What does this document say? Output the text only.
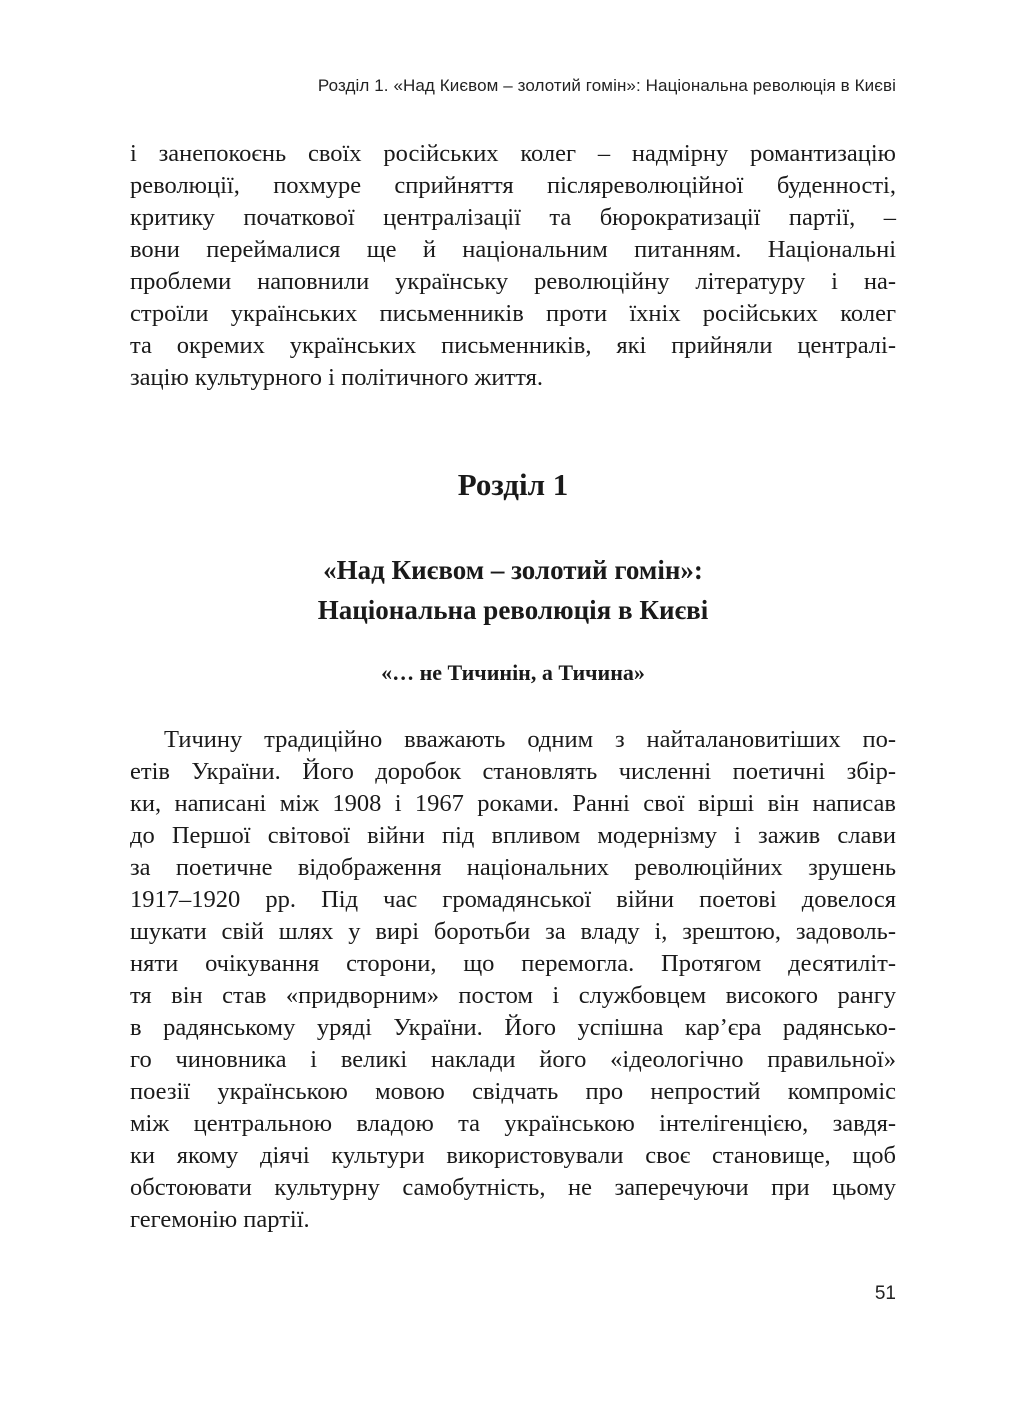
Розділ 1. «Над Києвом – золотий гомін»: Національна революція в Києві
і занепокоєнь своїх російських колег – надмірну романтизацію
революції, похмуре сприйняття післяреволюційної буденності,
критику початкової централізації та бюрократизації партії, –
вони переймалися ще й національним питанням. Національні
проблеми наповнили українську революційну літературу і на-
строїли українських письменників проти їхніх російських колег
та окремих українських письменників, які прийняли централі-
зацію культурного і політичного життя.
Розділ 1
«Над Києвом – золотий гомін»:
Національна революція в Києві
«… не Тичинін, а Тичина»
Тичину традиційно вважають одним з найталановитіших по-
етів України. Його доробок становлять численні поетичні збір-
ки, написані між 1908 і 1967 роками. Ранні свої вірші він написав
до Першої світової війни під впливом модернізму і зажив слави
за поетичне відображення національних революційних зрушень
1917–1920 рр. Під час громадянської війни поетові довелося
шукати свій шлях у вирі боротьби за владу і, зрештою, задоволь-
няти очікування сторони, що перемогла. Протягом десятиліт-
тя він став «придворним» постом і службовцем високого рангу
в радянському уряді України. Його успішна кар’єра радянсько-
го чиновника і великі наклади його «ідеологічно правильної»
поезії українською мовою свідчать про непростий компроміс
між центральною владою та українською інтелігенцією, завдя-
ки якому діячі культури використовували своє становище, щоб
обстоювати культурну самобутність, не заперечуючи при цьому
гегемонію партії.
51
